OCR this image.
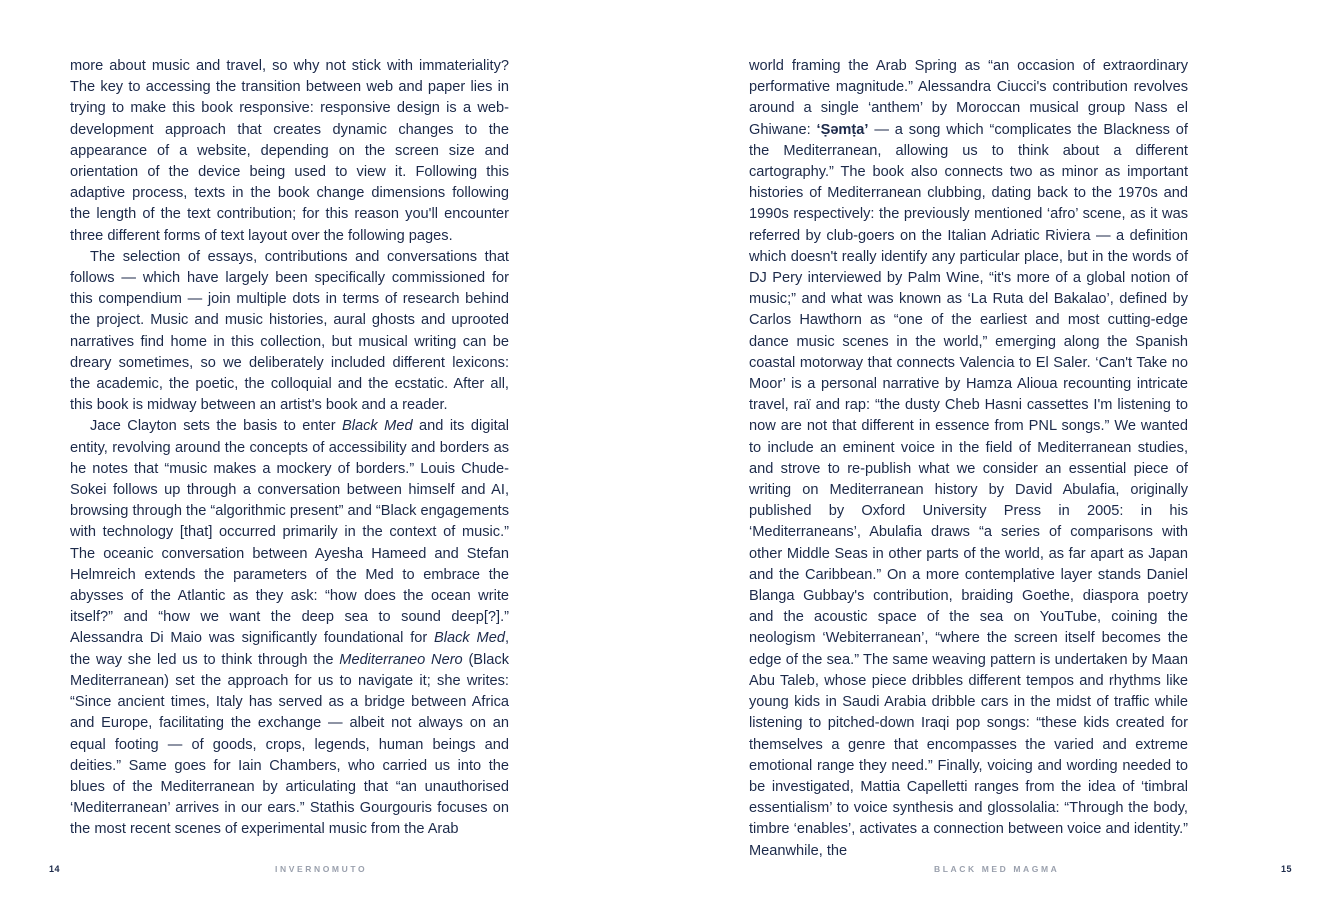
more about music and travel, so why not stick with immateriality? The key to accessing the transition between web and paper lies in trying to make this book responsive: responsive design is a web-development approach that creates dynamic changes to the appearance of a website, depending on the screen size and orientation of the device being used to view it. Following this adaptive process, texts in the book change dimensions following the length of the text contribution; for this reason you'll encounter three different forms of text layout over the following pages.

The selection of essays, contributions and conversations that follows — which have largely been specifically commissioned for this compendium — join multiple dots in terms of research behind the project. Music and music histories, aural ghosts and uprooted narratives find home in this collection, but musical writing can be dreary sometimes, so we deliberately included different lexicons: the academic, the poetic, the colloquial and the ecstatic. After all, this book is midway between an artist's book and a reader.

Jace Clayton sets the basis to enter Black Med and its digital entity, revolving around the concepts of accessibility and borders as he notes that “music makes a mockery of borders.” Louis Chude-Sokei follows up through a conversation between himself and AI, browsing through the “algorithmic present” and “Black engagements with technology [that] occurred primarily in the context of music.” The oceanic conversation between Ayesha Hameed and Stefan Helmreich extends the parameters of the Med to embrace the abysses of the Atlantic as they ask: “how does the ocean write itself?” and “how we want the deep sea to sound deep[?].” Alessandra Di Maio was significantly foundational for Black Med, the way she led us to think through the Mediterraneo Nero (Black Mediterranean) set the approach for us to navigate it; she writes: “Since ancient times, Italy has served as a bridge between Africa and Europe, facilitating the exchange — albeit not always on an equal footing — of goods, crops, legends, human beings and deities.” Same goes for Iain Chambers, who carried us into the blues of the Mediterranean by articulating that “an unauthorised ‘Mediterranean’ arrives in our ears.” Stathis Gourgouris focuses on the most recent scenes of experimental music from the Arab

14	INVERNOMUTO

world framing the Arab Spring as “an occasion of extraordinary performative magnitude.” Alessandra Ciucci's contribution revolves around a single ‘anthem’ by Moroccan musical group Nass el Ghiwane: ‘Ṣəmṭa’ — a song which “complicates the Blackness of the Mediterranean, allowing us to think about a different cartography.” The book also connects two as minor as important histories of Mediterranean clubbing, dating back to the 1970s and 1990s respectively: the previously mentioned ‘afro’ scene, as it was referred by club-goers on the Italian Adriatic Riviera — a definition which doesn't really identify any particular place, but in the words of DJ Pery interviewed by Palm Wine, “it's more of a global notion of music;” and what was known as ‘La Ruta del Bakalao’, defined by Carlos Hawthorn as “one of the earliest and most cutting-edge dance music scenes in the world,” emerging along the Spanish coastal motorway that connects Valencia to El Saler. ‘Can't Take no Moor’ is a personal narrative by Hamza Alioua recounting intricate travel, raï and rap: “the dusty Cheb Hasni cassettes I'm listening to now are not that different in essence from PNL songs.” We wanted to include an eminent voice in the field of Mediterranean studies, and strove to re-publish what we consider an essential piece of writing on Mediterranean history by David Abulafia, originally published by Oxford University Press in 2005: in his ‘Mediterraneans’, Abulafia draws “a series of comparisons with other Middle Seas in other parts of the world, as far apart as Japan and the Caribbean.” On a more contemplative layer stands Daniel Blanga Gubbay's contribution, braiding Goethe, diaspora poetry and the acoustic space of the sea on YouTube, coining the neologism ‘Webiterranean’, “where the screen itself becomes the edge of the sea.” The same weaving pattern is undertaken by Maan Abu Taleb, whose piece dribbles different tempos and rhythms like young kids in Saudi Arabia dribble cars in the midst of traffic while listening to pitched-down Iraqi pop songs: “these kids created for themselves a genre that encompasses the varied and extreme emotional range they need.” Finally, voicing and wording needed to be investigated, Mattia Capelletti ranges from the idea of ‘timbral essentialism’ to voice synthesis and glossolalia: “Through the body, timbre ‘enables’, activates a connection between voice and identity.” Meanwhile, the

BLACK MED MAGMA	15
